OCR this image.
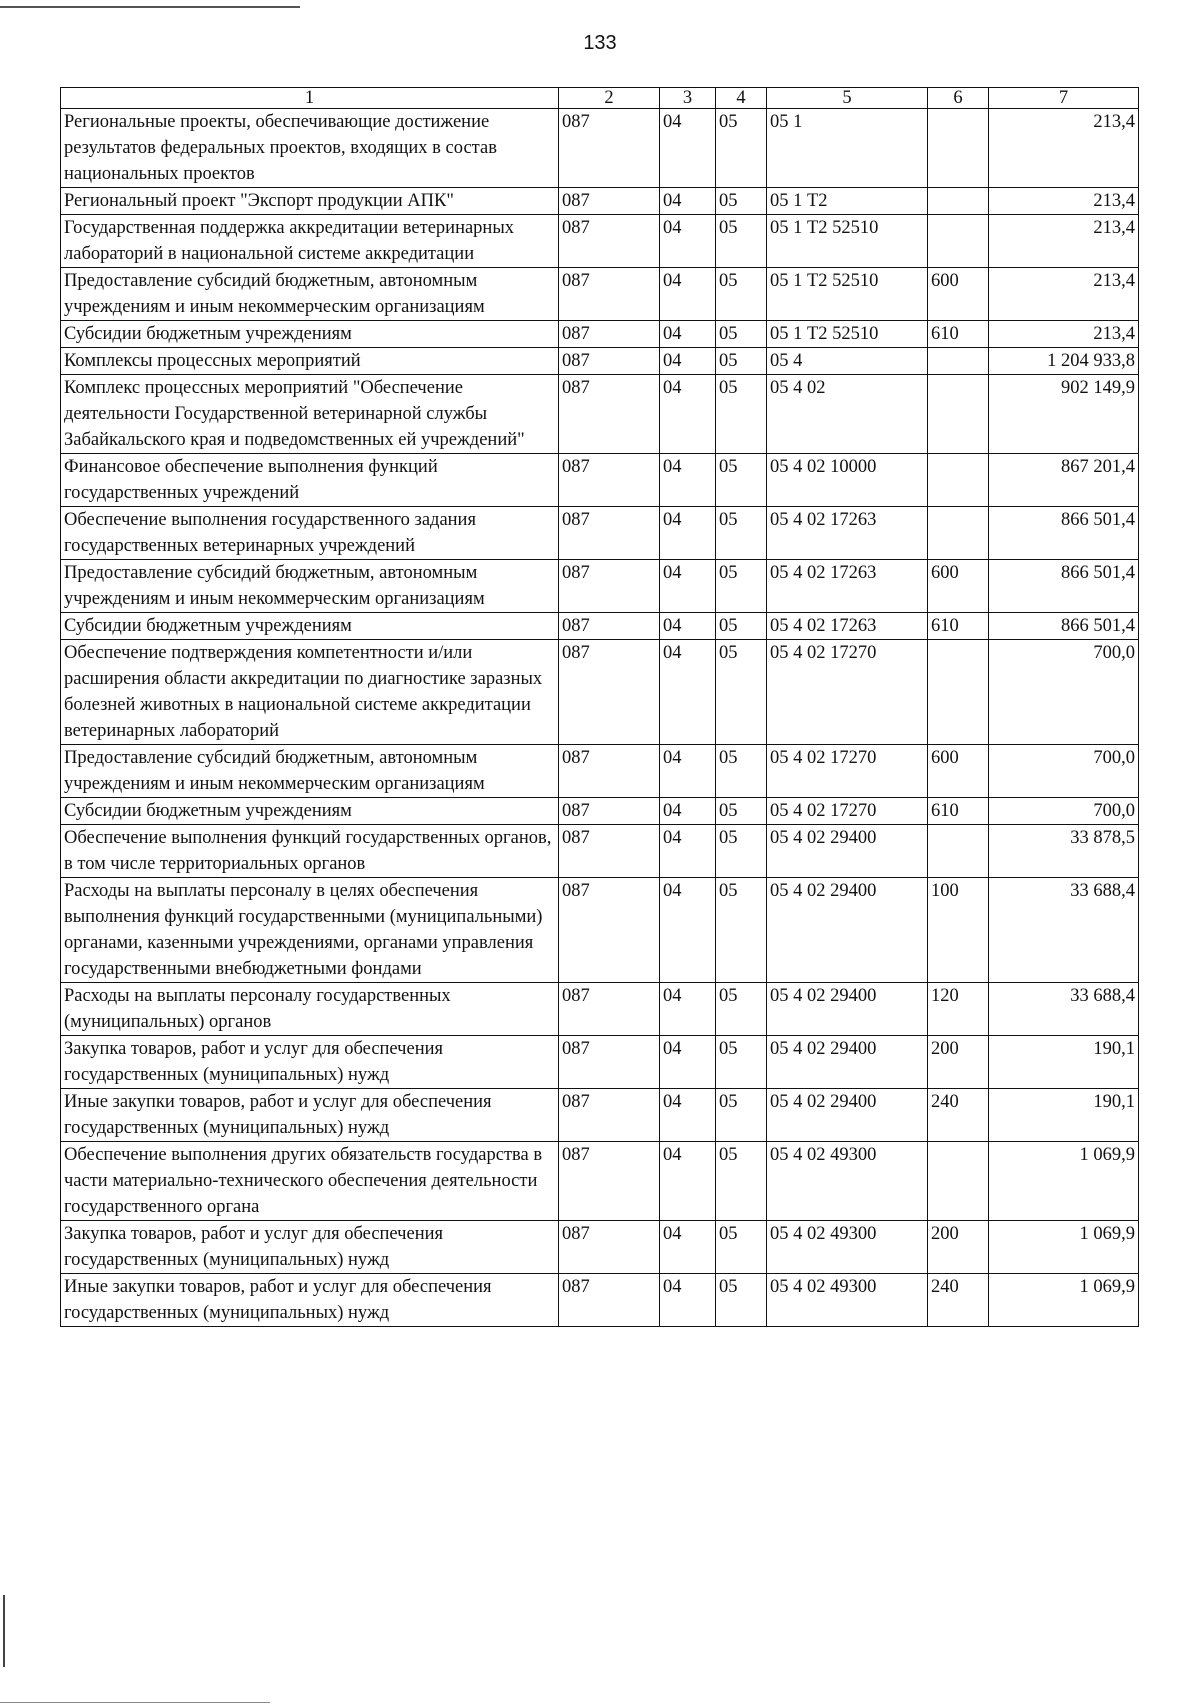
133
1	2	3	4	5	6	7
Региональные проекты, обеспечивающие достижение результатов федеральных проектов, входящих в состав национальных проектов	087	04	05	05 1		213,4
Региональный проект "Экспорт продукции АПК"	087	04	05	05 1 Т2		213,4
Государственная поддержка аккредитации ветеринарных лабораторий в национальной системе аккредитации	087	04	05	05 1 Т2 52510		213,4
Предоставление субсидий бюджетным, автономным учреждениям и иным некоммерческим организациям	087	04	05	05 1 Т2 52510	600	213,4
Субсидии бюджетным учреждениям	087	04	05	05 1 Т2 52510	610	213,4
Комплексы процессных мероприятий	087	04	05	05 4		1 204 933,8
Комплекс процессных мероприятий "Обеспечение деятельности Государственной ветеринарной службы Забайкальского края и подведомственных ей учреждений"	087	04	05	05 4 02		902 149,9
Финансовое обеспечение выполнения функций государственных учреждений	087	04	05	05 4 02 10000		867 201,4
Обеспечение выполнения государственного задания государственных ветеринарных учреждений	087	04	05	05 4 02 17263		866 501,4
Предоставление субсидий бюджетным, автономным учреждениям и иным некоммерческим организациям	087	04	05	05 4 02 17263	600	866 501,4
Субсидии бюджетным учреждениям	087	04	05	05 4 02 17263	610	866 501,4
Обеспечение подтверждения компетентности и/или расширения области аккредитации по диагностике заразных болезней животных в национальной системе аккредитации ветеринарных лабораторий	087	04	05	05 4 02 17270		700,0
Предоставление субсидий бюджетным, автономным учреждениям и иным некоммерческим организациям	087	04	05	05 4 02 17270	600	700,0
Субсидии бюджетным учреждениям	087	04	05	05 4 02 17270	610	700,0
Обеспечение выполнения функций государственных органов, в том числе территориальных органов	087	04	05	05 4 02 29400		33 878,5
Расходы на выплаты персоналу в целях обеспечения выполнения функций государственными (муниципальными) органами, казенными учреждениями, органами управления государственными внебюджетными фондами	087	04	05	05 4 02 29400	100	33 688,4
Расходы на выплаты персоналу государственных (муниципальных) органов	087	04	05	05 4 02 29400	120	33 688,4
Закупка товаров, работ и услуг для обеспечения государственных (муниципальных) нужд	087	04	05	05 4 02 29400	200	190,1
Иные закупки товаров, работ и услуг для обеспечения государственных (муниципальных) нужд	087	04	05	05 4 02 29400	240	190,1
Обеспечение выполнения других обязательств государства в части материально-технического обеспечения деятельности государственного органа	087	04	05	05 4 02 49300		1 069,9
Закупка товаров, работ и услуг для обеспечения государственных (муниципальных) нужд	087	04	05	05 4 02 49300	200	1 069,9
Иные закупки товаров, работ и услуг для обеспечения государственных (муниципальных) нужд	087	04	05	05 4 02 49300	240	1 069,9
